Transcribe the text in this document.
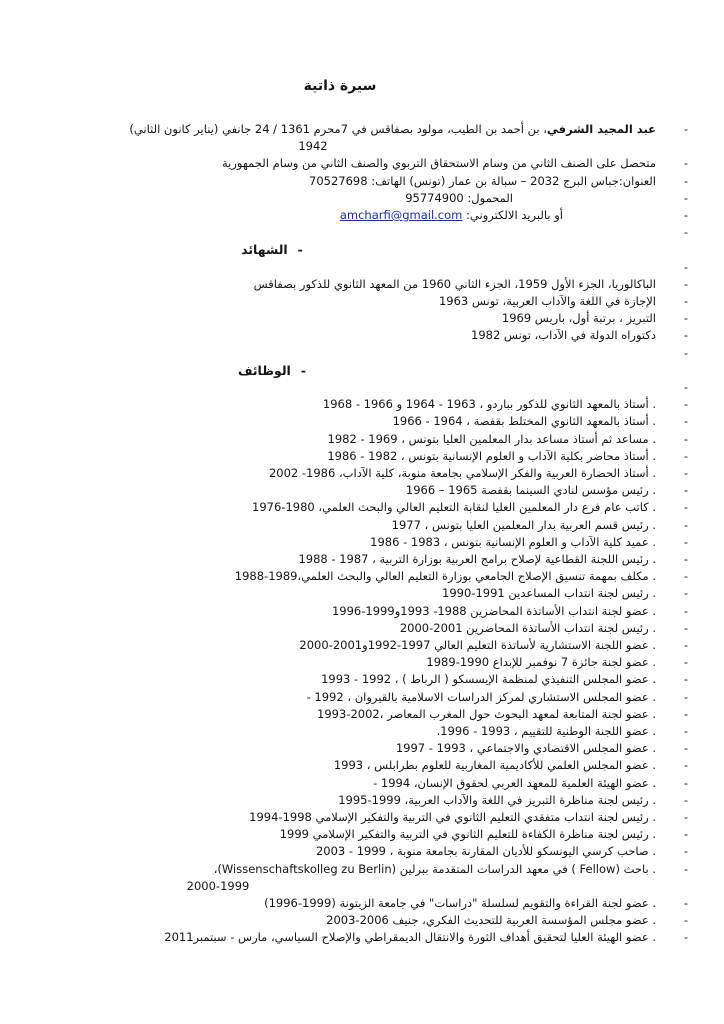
سيرة ذاتية
-
عبد المجيد الشرفي، بن أحمد بن الطيب، مولود بصفاقس في 7محرم 1361 / 24 جانفي (يناير كانون الثاني)
1942
-
متحصل على الصنف الثاني من وسام الاستحقاق التربوي والصنف الثاني من وسام الجمهورية
-
العنوان:جباس البرج 2032 – سبالة بن عمار (تونس) الهاتف: 70527698
-
المحمول: 95774900
-
أو بالبريد الالكتروني: amcharfi@gmail.com
-
-الشهائد
-
-
الباكالوريا، الجزء الأول 1959، الجزء الثاني 1960 من المعهد الثانوي للذكور بصفاقس
-
الإجازة في اللغة والآداب العربية، تونس 1963
-
التبريز ، برتبة أول، باريس 1969
-
دكتوراه الدولة في الآداب، تونس 1982
-
-الوظائف
-
-
. أستاذ بالمعهد الثانوي للذكور بباردو ، 1963 - 1964 و 1966 - 1968
-
. أستاذ بالمعهد الثانوي المختلط بقفصة ، 1964 - 1966
-
. مساعد ثم أستاذ مساعد بدار المعلمين العليا بتونس ، 1969 - 1982
-
. أستاذ محاضر بكلية الآداب و العلوم الإنسانية بتونس ، 1982 - 1986
-
. أستاذ الحضارة العربية والفكر الإسلامي بجامعة منوبة، كلية الآداب، 1986- 2002
-
. رئيس مؤسس لنادي السينما بقفصة 1965 – 1966
-
. كاتب عام فرع دار المعلمين العليا لنقابة التعليم العالي والبحث العلمي، 1980-1976
-
. رئيس قسم العربية بدار المعلمين العليا بتونس ، 1977
-
. عميد كلية الآداب و العلوم الإنسانية بتونس ، 1983 - 1986
-
. رئيس اللجنة القطاعية لإصلاح برامج العربية بوزارة التربية ، 1987 - 1988
-
. مكلف بمهمة تنسيق الإصلاح الجامعي بوزارة التعليم العالي والبحث العلمي،1989-1988
-
. رئيس لجنة انتداب المساعدين 1991-1990
-
. عضو لجنة انتداب الأساتذة المحاضرين 1988- 1993و1999-1996
-
. رئيس لجنة انتداب الأساتذة المحاضرين 2001-2000
-
. عضو اللجنة الاستشارية لأساتذة التعليم العالي 1997-1992و2001-2000
-
. عضو لجنة جائزة 7 نوفمبر للإبداع 1990-1989
-
. عضو المجلس التنفيذي لمنظمة الإيسسكو ( الرباط ) ، 1992 - 1993
-
. عضو المجلس الاستشاري لمركز الدراسات الاسلامية بالقيروان ، 1992 -
-
. عضو لجنة المتابعة لمعهد البحوث حول المغرب المعاصر ،2002-1993
-
. عضو اللجنة الوطنية للتقييم ، 1993 - 1996.
-
. عضو المجلس الاقتصادي والاجتماعي ، 1993 - 1997
-
. عضو المجلس العلمي للأكاديمية المغاربية للعلوم بطرابلس ، 1993
-
. عضو الهيئة العلمية للمعهد العربي لحقوق الإنسان، 1994 -
-
. رئيس لجنة مناظرة التبريز في اللغة والآداب العربية، 1999-1995
-
. رئيس لجنة انتداب متفقدي التعليم الثانوي في التربية والتفكير الإسلامي 1998-1994
-
. رئيس لجنة مناظرة الكفاءة للتعليم الثانوي في التربية والتفكير الإسلامي 1999
-
. صاحب كرسي اليونسكو للأديان المقارنة بجامعة منوبة ، 1999 - 2003
-
. باحث (Fellow ) في معهد الدراسات المتقدمة ببرلين (Wissenschaftskolleg zu Berlin)،
2000-1999
-
. عضو لجنة القراءة والتقويم لسلسلة "دراسات" في جامعة الزيتونة (1999-1996)
-
. عضو مجلس المؤسسة العربية للتحديث الفكري، جنيف 2006-2003
-
. عضو الهيئة العليا لتحقيق أهداف الثورة والانتقال الديمقراطي والإصلاح السياسي، مارس - سبتمبر2011
